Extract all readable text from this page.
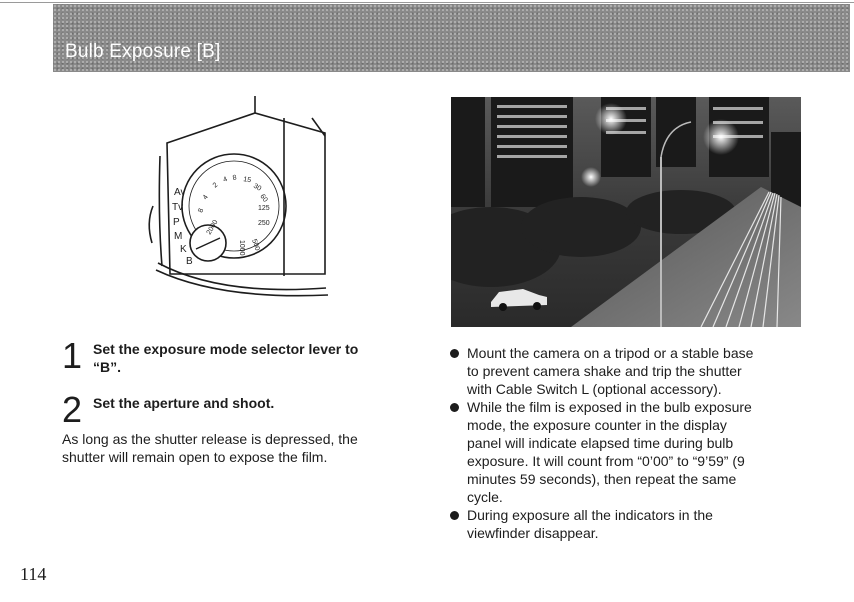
Bulb Exposure [B]
Av
Tv
P
M
K
B
4 8 15
30
60
125
250
500
1000
2
4
8
2000
1 Set the exposure mode selector lever to
“B”.
2 Set the aperture and shoot.
As long as the shutter release is depressed, the
shutter will remain open to expose the film.
Mount the camera on a tripod or a stable base
to prevent camera shake and trip the shutter
with Cable Switch L (optional accessory).
While the film is exposed in the bulb exposure
mode, the exposure counter in the display
panel will indicate elapsed time during bulb
exposure. It will count from “0’00” to “9’59” (9
minutes 59 seconds), then repeat the same
cycle.
During exposure all the indicators in the
viewfinder disappear.
114
